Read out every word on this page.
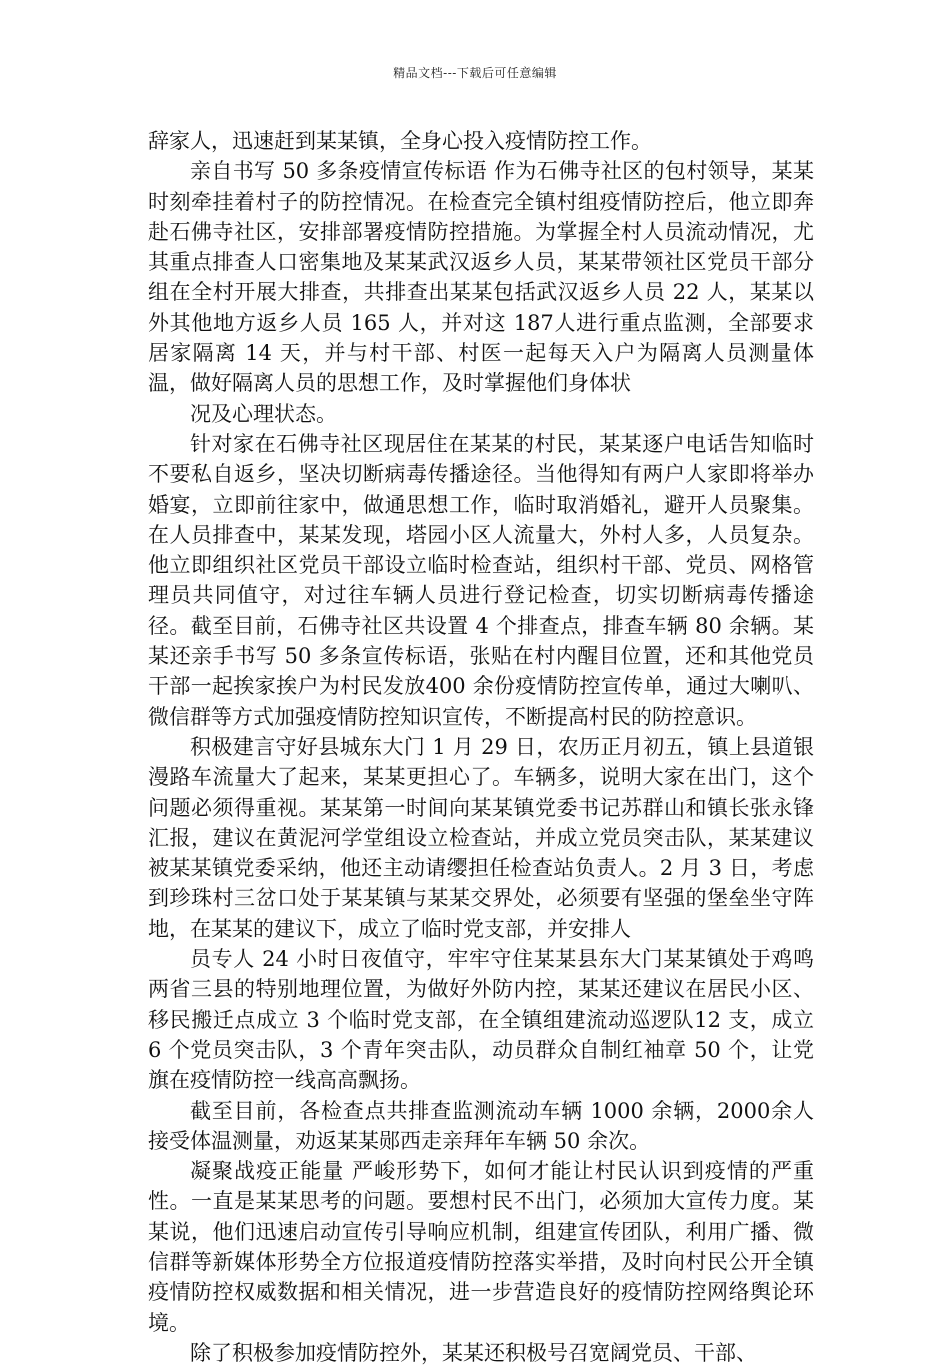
精品文档---下载后可任意编辑

辞家人，迅速赶到某某镇，全身心投入疫情防控工作。

亲自书写 50 多条疫情宣传标语 作为石佛寺社区的包村领导，某某时刻牵挂着村子的防控情况。在检查完全镇村组疫情防控后，他立即奔赴石佛寺社区，安排部署疫情防控措施。为掌握全村人员流动情况，尤其重点排查人口密集地及某某武汉返乡人员，某某带领社区党员干部分组在全村开展大排查，共排查出某某包括武汉返乡人员 22 人，某某以外其他地方返乡人员 165 人，并对这 187人进行重点监测，全部要求居家隔离 14 天，并与村干部、村医一起每天入户为隔离人员测量体温，做好隔离人员的思想工作，及时掌握他们身体状

况及心理状态。

针对家在石佛寺社区现居住在某某的村民，某某逐户电话告知临时不要私自返乡，坚决切断病毒传播途径。当他得知有两户人家即将举办婚宴，立即前往家中，做通思想工作，临时取消婚礼，避开人员聚集。在人员排查中，某某发现，塔园小区人流量大，外村人多，人员复杂。他立即组织社区党员干部设立临时检查站，组织村干部、党员、网格管理员共同值守，对过往车辆人员进行登记检查，切实切断病毒传播途径。截至目前，石佛寺社区共设置 4 个排查点，排查车辆 80 余辆。某某还亲手书写 50 多条宣传标语，张贴在村内醒目位置，还和其他党员干部一起挨家挨户为村民发放400 余份疫情防控宣传单，通过大喇叭、微信群等方式加强疫情防控知识宣传，不断提高村民的防控意识。

积极建言守好县城东大门 1 月 29 日，农历正月初五，镇上县道银漫路车流量大了起来，某某更担心了。车辆多，说明大家在出门，这个问题必须得重视。某某第一时间向某某镇党委书记苏群山和镇长张永锋汇报，建议在黄泥河学堂组设立检查站，并成立党员突击队，某某建议被某某镇党委采纳，他还主动请缨担任检查站负责人。2 月 3 日，考虑到珍珠村三岔口处于某某镇与某某交界处，必须要有坚强的堡垒坐守阵地，在某某的建议下，成立了临时党支部，并安排人

员专人 24 小时日夜值守，牢牢守住某某县东大门某某镇处于鸡鸣两省三县的特别地理位置，为做好外防内控，某某还建议在居民小区、移民搬迁点成立 3 个临时党支部，在全镇组建流动巡逻队12 支，成立 6 个党员突击队，3 个青年突击队，动员群众自制红袖章 50 个，让党旗在疫情防控一线高高飘扬。

截至目前，各检查点共排查监测流动车辆 1000 余辆，2000余人接受体温测量，劝返某某郧西走亲拜年车辆 50 余次。

凝聚战疫正能量 严峻形势下，如何才能让村民认识到疫情的严重性。一直是某某思考的问题。要想村民不出门，必须加大宣传力度。某某说，他们迅速启动宣传引导响应机制，组建宣传团队，利用广播、微信群等新媒体形势全方位报道疫情防控落实举措，及时向村民公开全镇疫情防控权威数据和相关情况，进一步营造良好的疫情防控网络舆论环境。

除了积极参加疫情防控外，某某还积极号召宽阔党员、干部、
